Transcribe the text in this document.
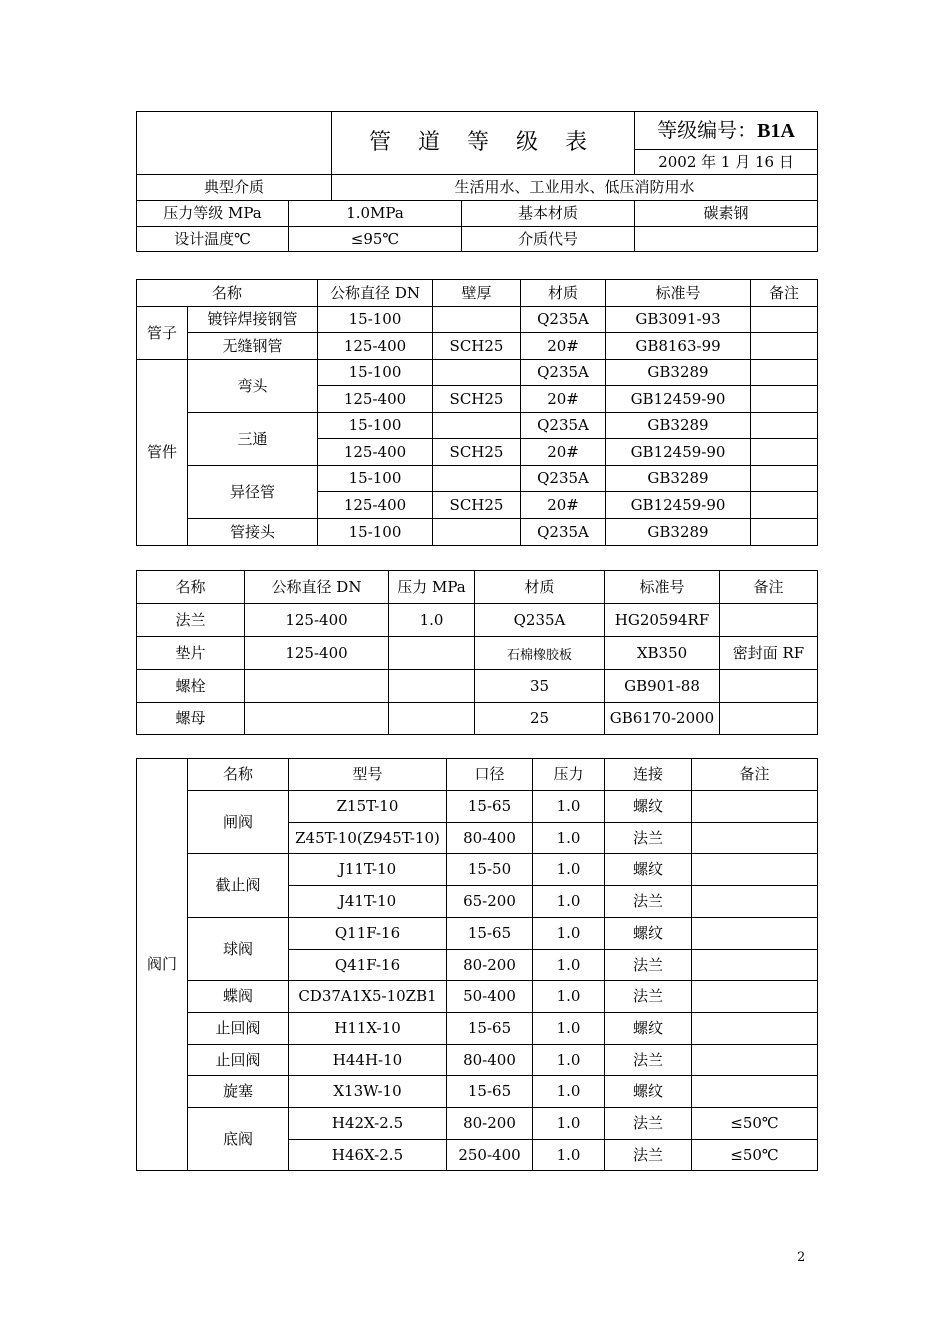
		管 道 等 级 表		等级编号：B1A
				2002 年 1 月 16 日
典型介质		生活用水、工业用水、低压消防用水		
压力等级 MPa	1.0MPa		基本材质	碳素钢
设计温度℃	≤95℃		介质代号	
名称		公称直径 DN	壁厚	材质	标准号	备注
管子	镀锌焊接钢管	15-100		Q235A	GB3091-93	
	无缝钢管	125-400	SCH25	20#	GB8163-99	
管件	弯头	15-100		Q235A	GB3289	
		125-400	SCH25	20#	GB12459-90	
	三通	15-100		Q235A	GB3289	
		125-400	SCH25	20#	GB12459-90	
	异径管	15-100		Q235A	GB3289	
		125-400	SCH25	20#	GB12459-90	
	管接头	15-100		Q235A	GB3289	
名称	公称直径 DN	压力 MPa	材质	标准号	备注
法兰	125-400	1.0	Q235A	HG20594RF	
垫片	125-400		石棉橡胶板	XB350	密封面 RF
螺栓			35	GB901-88	
螺母			25	GB6170-2000	
阀门	名称	型号	口径	压力	连接	备注
	闸阀	Z15T-10	15-65	1.0	螺纹	
		Z45T-10(Z945T-10)	80-400	1.0	法兰	
	截止阀	J11T-10	15-50	1.0	螺纹	
		J41T-10	65-200	1.0	法兰	
	球阀	Q11F-16	15-65	1.0	螺纹	
		Q41F-16	80-200	1.0	法兰	
	蝶阀	CD37A1X5-10ZB1	50-400	1.0	法兰	
	止回阀	H11X-10	15-65	1.0	螺纹	
	止回阀	H44H-10	80-400	1.0	法兰	
	旋塞	X13W-10	15-65	1.0	螺纹	
	底阀	H42X-2.5	80-200	1.0	法兰	≤50℃
		H46X-2.5	250-400	1.0	法兰	≤50℃
2
